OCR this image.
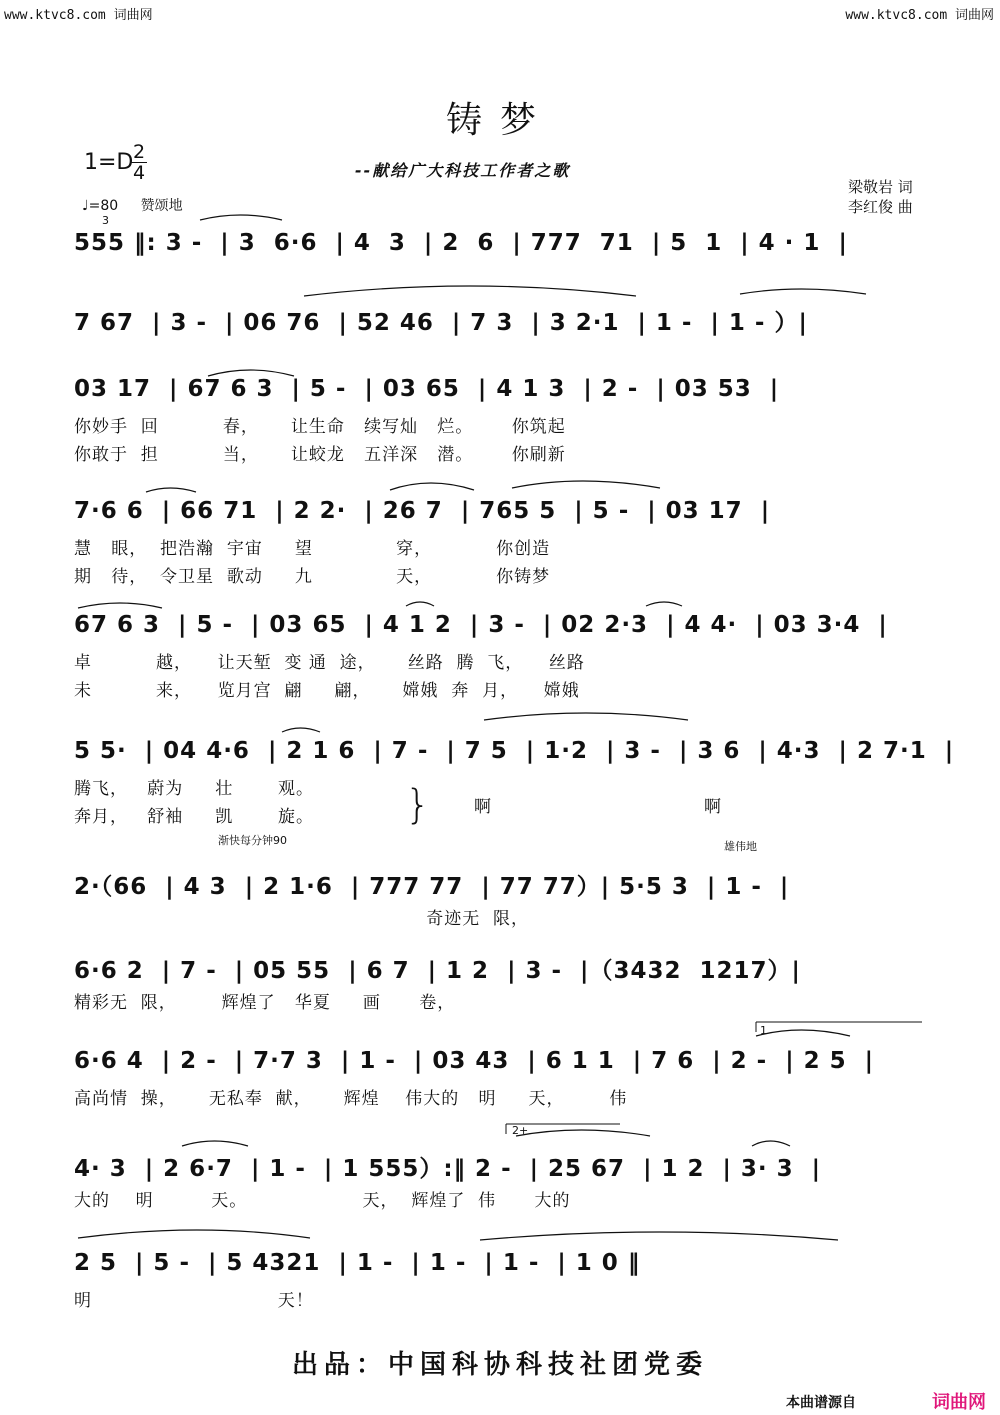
www.ktvc8.com 词曲网	www.ktvc8.com 词曲网
铸梦
1=D 2
4	--献给广大科技工作者之歌
梁敬岩 词
李红俊 曲
♩=80 赞颂地
3
555 ‖: 3 -  | 3  6·6  | 4  3  | 2  6  | 777  71  | 5  1  | 4 · 1  |
7 67  | 3 -  | 06 76  | 52 46  | 7 3  | 3 2·1  | 1 -  | 1 - ）|
03 17  | 67 6 3  | 5 -  | 03 65  | 4 1 3  | 2 -  | 03 53  |
你妙手  回          春，     让生命   续写灿   烂。      你筑起
你敢于  担          当，     让蛟龙   五洋深   潜。      你刷新
7·6 6  | 66 71  | 2 2·  | 26 7  | 765 5  | 5 -  | 03 17  |
慧   眼，  把浩瀚  宇宙     望             穿，          你创造
期   待，  令卫星  歌动     九             天，          你铸梦
67 6 3  | 5 -  | 03 65  | 4 1 2  | 3 -  | 02 2·3  | 4 4·  | 03 3·4  |
卓          越，    让天堑  变 通  途，     丝路  腾  飞，    丝路
未          来，    览月宫  翩     翩，     嫦娥  奔  月，    嫦娥
5 5·  | 04 4·6  | 2 1 6  | 7 -  | 7 5  | 1·2  | 3 -  | 3 6  | 4·3  | 2 7·1  |
腾飞，   蔚为     壮       观。
奔月，   舒袖     凯       旋。 }	啊	啊
渐快每分钟90	雄伟地
2·（66  | 4 3  | 2 1·6  | 777 77  | 77 77）| 5·5 3  | 1 -  |
奇迹无  限，
6·6 2  | 7 -  | 05 55  | 6 7  | 1 2  | 3 -  |（3432  1217）|
精彩无  限，       辉煌了   华夏     画      卷，
1
6·6 4  | 2 -  | 7·7 3  | 1 -  | 03 43  | 6 1 1  | 7 6  | 2 -  | 2 5  |
高尚情  操，     无私奉  献，     辉煌    伟大的   明     天，       伟
2+
4· 3  | 2 6·7  | 1 -  | 1 555）:‖ 2 -  | 25 67  | 1 2  | 3· 3  |
大的    明         天。                  天，  辉煌了  伟      大的
2 5  | 5 -  | 5 4321  | 1 -  | 1 -  | 1 -  | 1 0 ‖
明                             天！
出品：中国科协科技社团党委
本曲谱源自	词曲网
